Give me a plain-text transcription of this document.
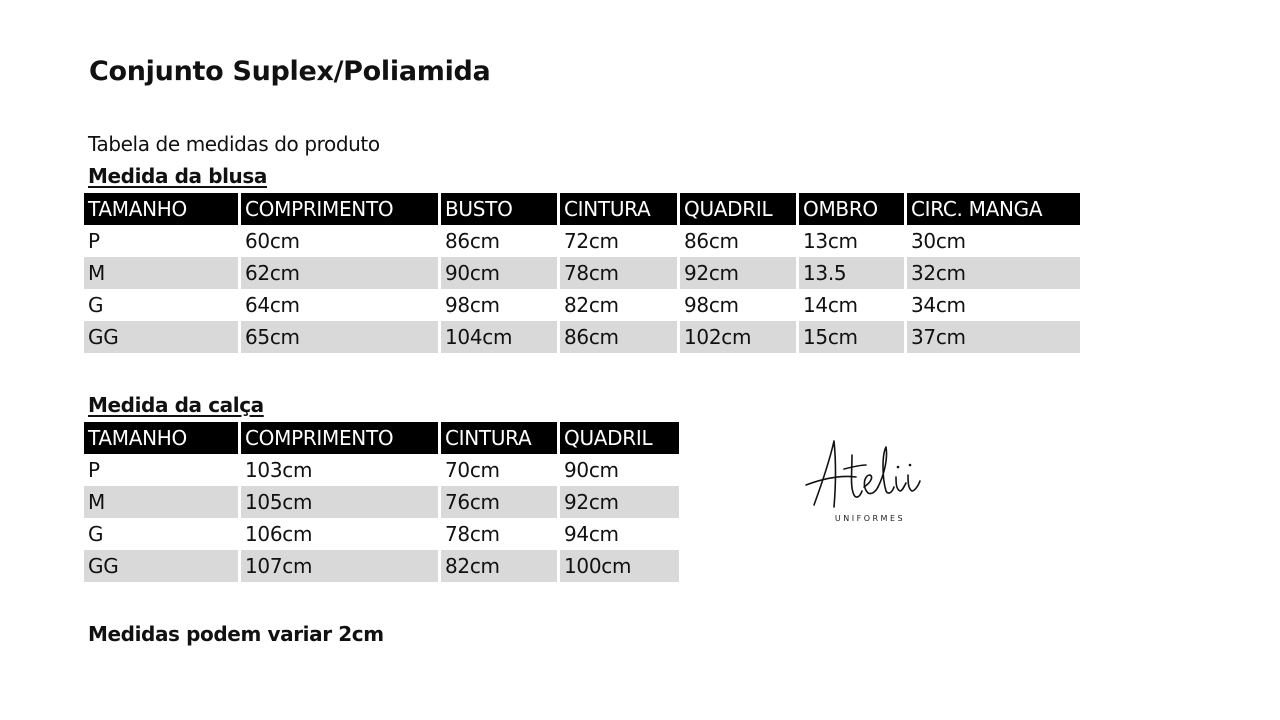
Conjunto Suplex/Poliamida

Tabela de medidas do produto

Medida da blusa

TAMANHO	COMPRIMENTO	BUSTO	CINTURA	QUADRIL	OMBRO	CIRC. MANGA
P	60cm	86cm	72cm	86cm	13cm	30cm
M	62cm	90cm	78cm	92cm	13.5	32cm
G	64cm	98cm	82cm	98cm	14cm	34cm
GG	65cm	104cm	86cm	102cm	15cm	37cm

Medida da calça

TAMANHO	COMPRIMENTO	CINTURA	QUADRIL
P	103cm	70cm	90cm
M	105cm	76cm	92cm
G	106cm	78cm	94cm
GG	107cm	82cm	100cm
UNIFORMES

Medidas podem variar 2cm
